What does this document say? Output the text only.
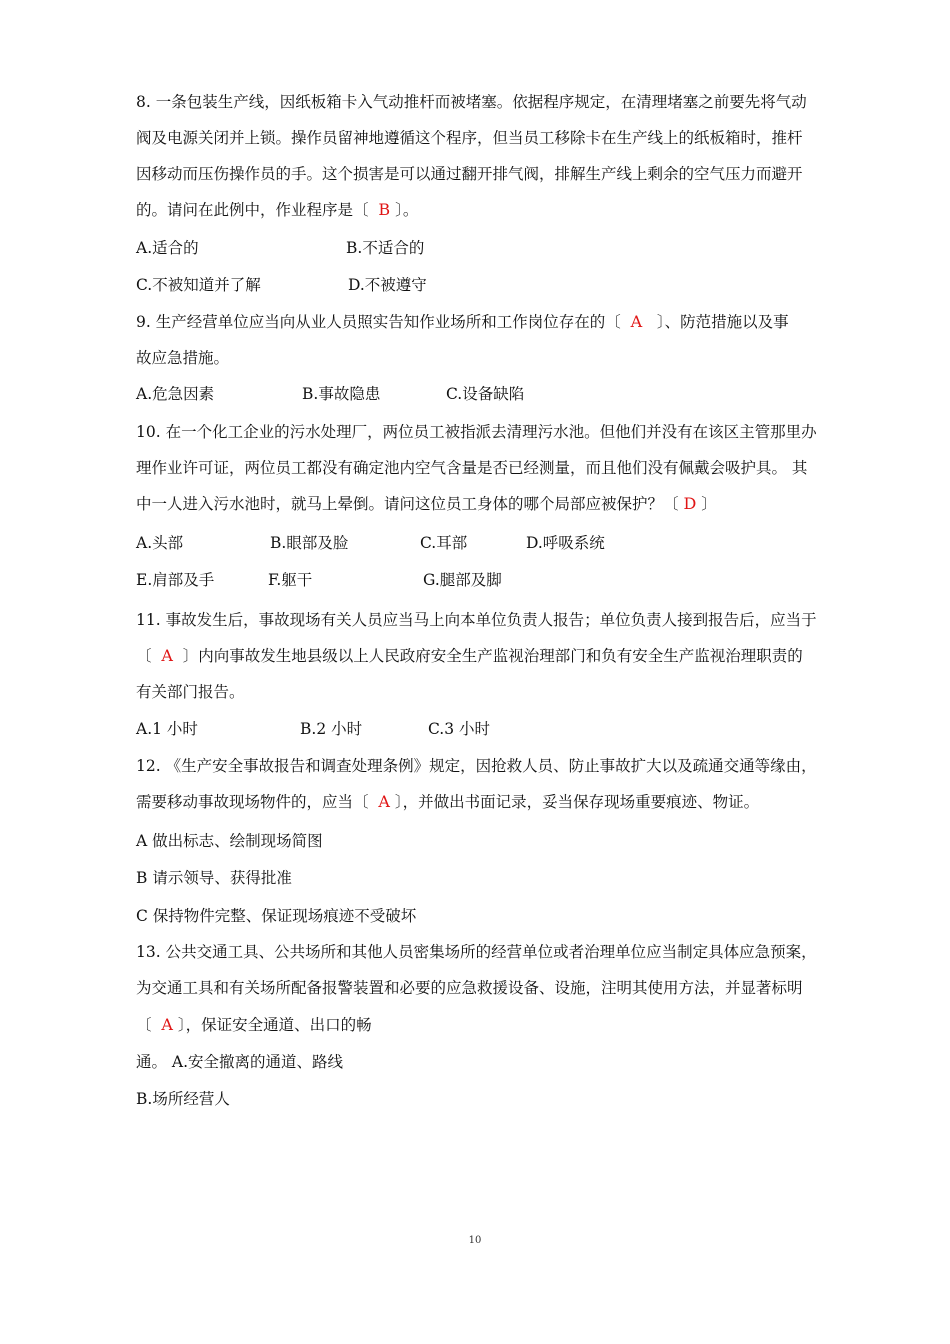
8. 一条包装生产线，因纸板箱卡入气动推杆而被堵塞。依据程序规定，在清理堵塞之前要先将气动
阀及电源关闭并上锁。操作员留神地遵循这个程序，但当员工移除卡在生产线上的纸板箱时，推杆
因移动而压伤操作员的手。这个损害是可以通过翻开排气阀，排解生产线上剩余的空气压力而避开
的。请问在此例中，作业程序是〔 B 〕。
A.适合的	B.不适合的
C.不被知道并了解	D.不被遵守
9. 生产经营单位应当向从业人员照实告知作业场所和工作岗位存在的〔 A 〕、防范措施以及事
故应急措施。
A.危急因素	B.事故隐患	C.设备缺陷
10. 在一个化工企业的污水处理厂，两位员工被指派去清理污水池。但他们并没有在该区主管那里办
理作业许可证，两位员工都没有确定池内空气含量是否已经测量，而且他们没有佩戴会吸护具。 其
中一人进入污水池时，就马上晕倒。请问这位员工身体的哪个局部应被保护？〔 D 〕
A.头部	B.眼部及脸	C.耳部	D.呼吸系统
E.肩部及手	F.躯干	G.腿部及脚
11. 事故发生后，事故现场有关人员应当马上向本单位负责人报告；单位负责人接到报告后，应当于
〔 A 〕内向事故发生地县级以上人民政府安全生产监视治理部门和负有安全生产监视治理职责的
有关部门报告。
A.1 小时	B.2 小时	C.3 小时
12. 《生产安全事故报告和调查处理条例》规定，因抢救人员、防止事故扩大以及疏通交通等缘由，
需要移动事故现场物件的，应当〔 A 〕，并做出书面记录，妥当保存现场重要痕迹、物证。
A 做出标志、绘制现场简图
B 请示领导、获得批准
C 保持物件完整、保证现场痕迹不受破坏
13. 公共交通工具、公共场所和其他人员密集场所的经营单位或者治理单位应当制定具体应急预案，
为交通工具和有关场所配备报警装置和必要的应急救援设备、设施，注明其使用方法，并显著标明
〔 A 〕，保证安全通道、出口的畅
通。 A.安全撤离的通道、路线
B.场所经营人
10
